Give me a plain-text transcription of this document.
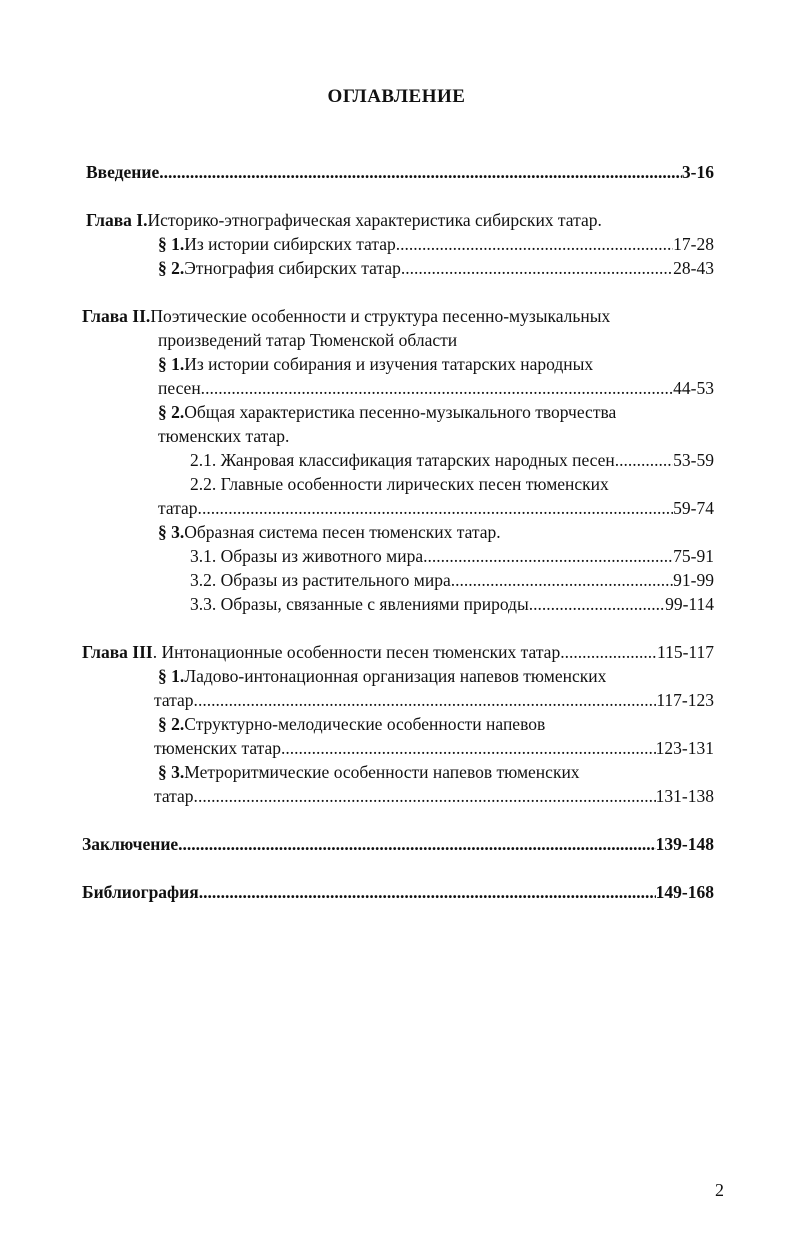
ОГЛАВЛЕНИЕ
Введение .....	3-16
Глава I. Историко-этнографическая характеристика сибирских татар.
§ 1. Из истории сибирских татар. .....	17-28
§ 2. Этнография сибирских татар. .....	28-43
Глава II. Поэтические особенности и структура песенно-музыкальных
произведений татар Тюменской области
§ 1. Из истории собирания и изучения татарских народных
песен. .....	44-53
§ 2. Общая характеристика песенно-музыкального творчества
тюменских татар.
2.1. Жанровая классификация татарских народных песен. .....	53-59
2.2. Главные особенности лирических песен тюменских
татар. .....	59-74
§ 3. Образная система песен тюменских татар.
3.1. Образы из животного мира .....	75-91
3.2. Образы из растительного мира .....	91-99
3.3. Образы, связанные с явлениями природы. .....	99-114
Глава III . Интонационные особенности песен тюменских татар .....	115-117
§ 1. Ладово-интонационная организация напевов тюменских
татар. .....	117-123
§ 2. Структурно-мелодические особенности напевов
тюменских татар .....	123-131
§ 3. Метроритмические особенности напевов тюменских
татар. .....	131-138
Заключение .....	139-148
Библиография. .....	149-168
2
